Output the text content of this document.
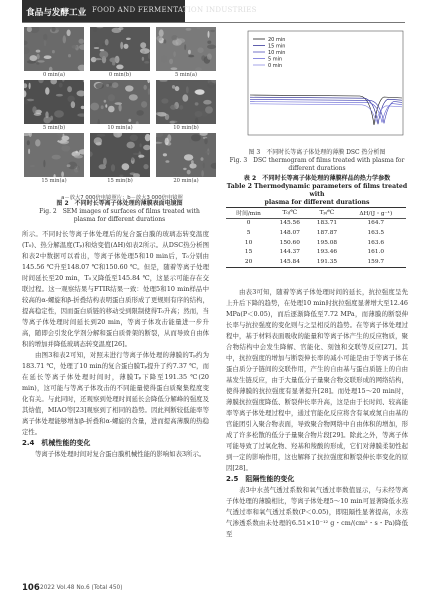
食品与发酵工业 FOOD AND FERMENTATION INDUSTRIES
0 min(a)	0 min(b)	5 min(a)
5 min(b)	10 min(a)	10 min(b)
15 min(a)	15 min(b)	20 min(a)
a－放大7 000倍电镜照片；b－放大3 000倍电镜照
图 2　不同时长等离子体处理的薄膜表面电镜图
Fig. 2　SEM images of surfaces of films treated with
plasma for different durations
20 min
15 min
10 min
5 min
0 min
图 3　不同时长等离子体处理的薄膜 DSC 热分析图
Fig. 3　DSC thermogram of films treated with plasma for
different durations
表 2　不同时长等离子体处理的薄膜样品的热力学参数
Table 2 Thermodynamic parameters of films treated with
plasma for different durations
时间/min	T₀/℃	Tₚ/℃	ΔH/(J・g⁻¹)
0	145.56	183.71	164.7
5	148.07	187.87	163.5
10	150.60	195.08	163.6
15	144.37	193.46	161.0
20	145.84	191.35	159.7

所示。不同时长等离子体处理后的复合蛋白膜的玻璃态转变温度(T₀)、热分解温度(Tₚ)和焓变值(ΔH)如表2所示。从DSC热分析图和表2中数据可以看出，等离子体处理5和10 min后，T₀分别由145.56 ℃升至148.07 ℃和150.60 ℃。但是，随着等离子处理时间延长至20 min，T₀又降低至145.84 ℃，这显示可能存在交联过程。这一观察结果与FTIR结果一致：处理5和10 min样品中较高的α-螺旋和β-折叠结构表明蛋白质形成了更规则有序的结构，提高稳定性，因而蛋白质链的移动受到限制使得T₀升高；然而，当等离子体处理时间延长到20 min，等离子体攻击能量进一步升高，随即会引发化学剂分解和蛋白质骨架的断裂，从而导致自由体积的增加并降低玻璃态转变温度[26]。

由图3和表2可知，对照未进行等离子体处理的薄膜的Tₚ约为183.71 ℃，处理了10 min的复合蛋白膜Tₚ提升了约7.37 ℃，而在延长等离子体处理时间时，薄膜Tₚ下降至191.35 ℃(20 min)，这可能与等离子体攻击的不同能量使得蛋白质聚集程度变化有关。与此同时，还观察到处理时间延长会降低分解峰的强度及其焓值，MIAO等[23]观察到了相同的趋势。因此判断较低能率等离子体处理能够增加β-折叠和α-螺旋的含量，进而提高薄膜的热稳定性。

2.4　机械性能的变化

等离子体处理时间对复合蛋白膜机械性能的影响如表3所示。

由表3可知，随着等离子体处理时间的延长，抗拉强度呈先上升后下降的趋势，在处理10 min时抗拉强度显著增大至12.46 MPa(P＜0.05)，而后逐渐降低至7.72 MPa，而薄膜的断裂伸长率与抗拉强度的变化则与之呈相反的趋势。在等离子体处理过程中，基于材料表面吸收的能量和等离子体产生的反应物质，聚合物结构中会发生降解、官能化、刻蚀和交联等反应[27]。其中，抗拉强度的增加与断裂伸长率的减小可能是由于等离子体在蛋白质分子链间的交联作用，产生的自由基与蛋白质链上的自由基发生链反应，由于大量低分子量聚合物交联形成的网络结构，使得薄膜的抗拉强度有显著提升[28]。而处理15～20 min时，薄膜抗拉强度降低、断裂伸长率升高，这是由于长时间、较高能率等离子体处理过程中，通过官能化反应将含有氧或氮自由基的官能团引入聚合物表面，导致聚合物网络中自由体积的增加，形成了许多松散的低分子量聚合物片段[29]。除此之外，等离子体可能导致了过氧化物、羟基和羧酸的形成，它们对薄膜柔韧性起到一定的影响作用，这也解释了抗拉强度和断裂伸长率变化的原因[28]。

2.5　阻隔性能的变化

表3中水蒸气透过系数和氧气透过率数值显示，与未经等离子体处理的薄膜相比，等离子体处理5～10 min可显著降低水蒸气透过率和氧气透过系数(P＜0.05)，即阻隔性显著提高，水蒸气渗透系数由未处理的6.51×10⁻¹² g・cm/(cm²・s・Pa)降低至

106 2022 Vol.48 No.6 (Total 450)
